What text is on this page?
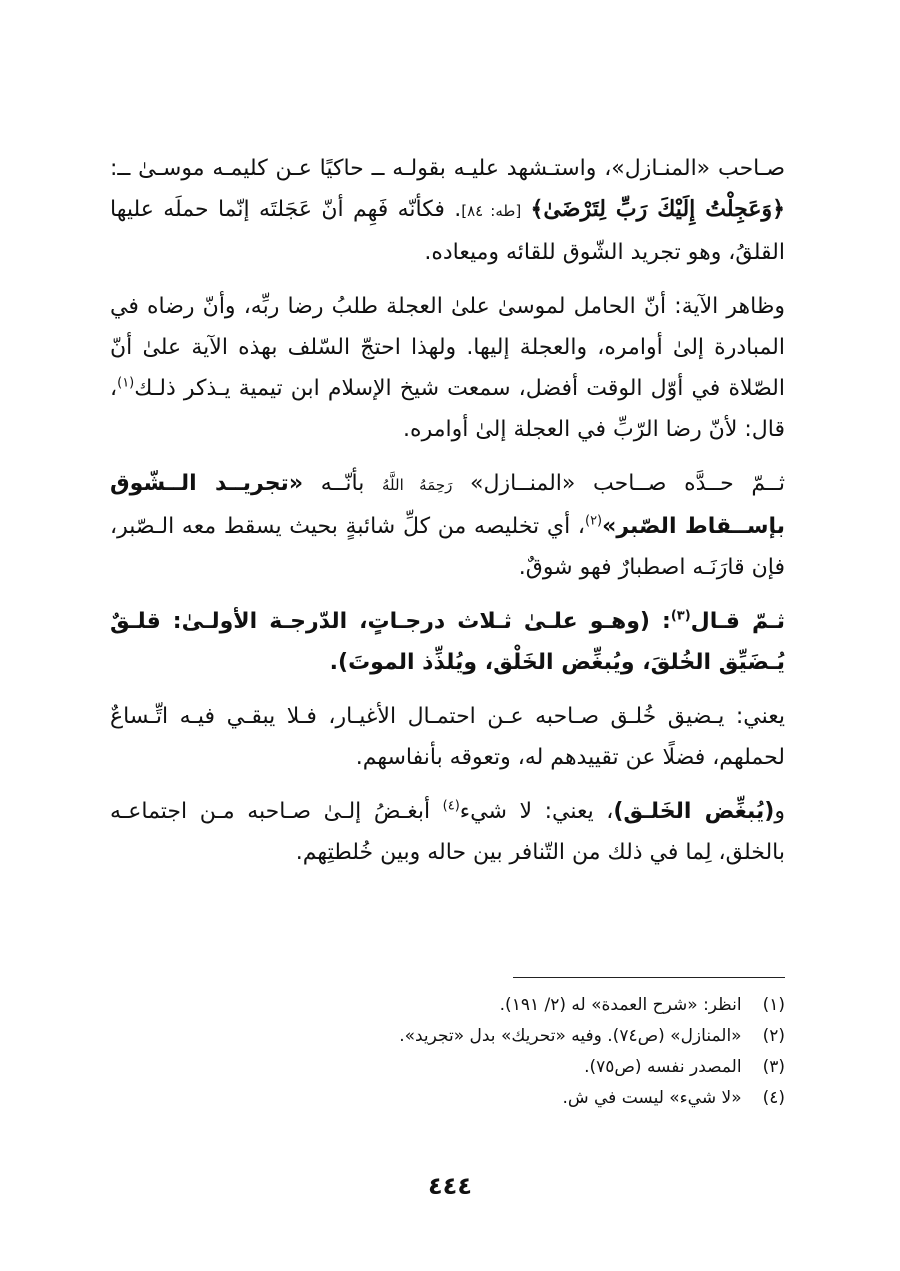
صـاحب «المنـازل»، واستـشهد عليـه بقولـه ــ حاكيًا عـن كليمـه موسـىٰ ــ: ﴿وَعَجِلْتُ إِلَيْكَ رَبِّ لِتَرْضَىٰ﴾ [طه: ٨٤]. فكأنّه فَهِم أنّ عَجَلتَه إنّما حملَه عليها القلقُ، وهو تجريد الشّوق للقائه وميعاده.

وظاهر الآية: أنّ الحامل لموسىٰ علىٰ العجلة طلبُ رضا ربِّه، وأنّ رضاه في المبادرة إلىٰ أوامره، والعجلة إليها. ولهذا احتجّ السّلف بهذه الآية علىٰ أنّ الصّلاة في أوّل الوقت أفضل، سمعت شيخ الإسلام ابن تيمية يـذكر ذلـك$^{(١)}$، قال: لأنّ رضا الرّبِّ في العجلة إلىٰ أوامره.

ثــمّ حــدَّه صــاحب «المنــازل» رَحِمَهُ اللَّهُ بأنّــه «تجريــد الــشّوق بإســقاط الصّبر»$^{(٢)}$، أي تخليصه من كلِّ شائبةٍ بحيث يسقط معه الـصّبر، فإن قارَنَـه اصطبارٌ فهو شوقٌ.

ثـمّ قـال$^{(٣)}$: (وهـو علـىٰ ثـلاث درجـاتٍ، الدّرجـة الأولـىٰ: قلـقٌ يُـضَيِّق الخُلقَ، ويُبغِّض الخَلْق، ويُلذِّذ الموتَ).

يعني: يـضيق خُلـق صـاحبه عـن احتمـال الأغيـار، فـلا يبقـي فيـه اتِّـساعٌ لحملهم، فضلًا عن تقييدهم له، وتعوقه بأنفاسهم.

و(يُبغِّض الخَلـق)، يعني: لا شيء$^{(٤)}$ أبغـضُ إلـىٰ صـاحبه مـن اجتماعـه بالخلق، لِما في ذلك من التّنافر بين حاله وبين خُلطتِهم.

(١) انظر: «شرح العمدة» له (٢/ ١٩١).
(٢) «المنازل» (ص٧٤). وفيه «تحريك» بدل «تجريد».
(٣) المصدر نفسه (ص٧٥).
(٤) «لا شيء» ليست في ش.
٤٤٤
